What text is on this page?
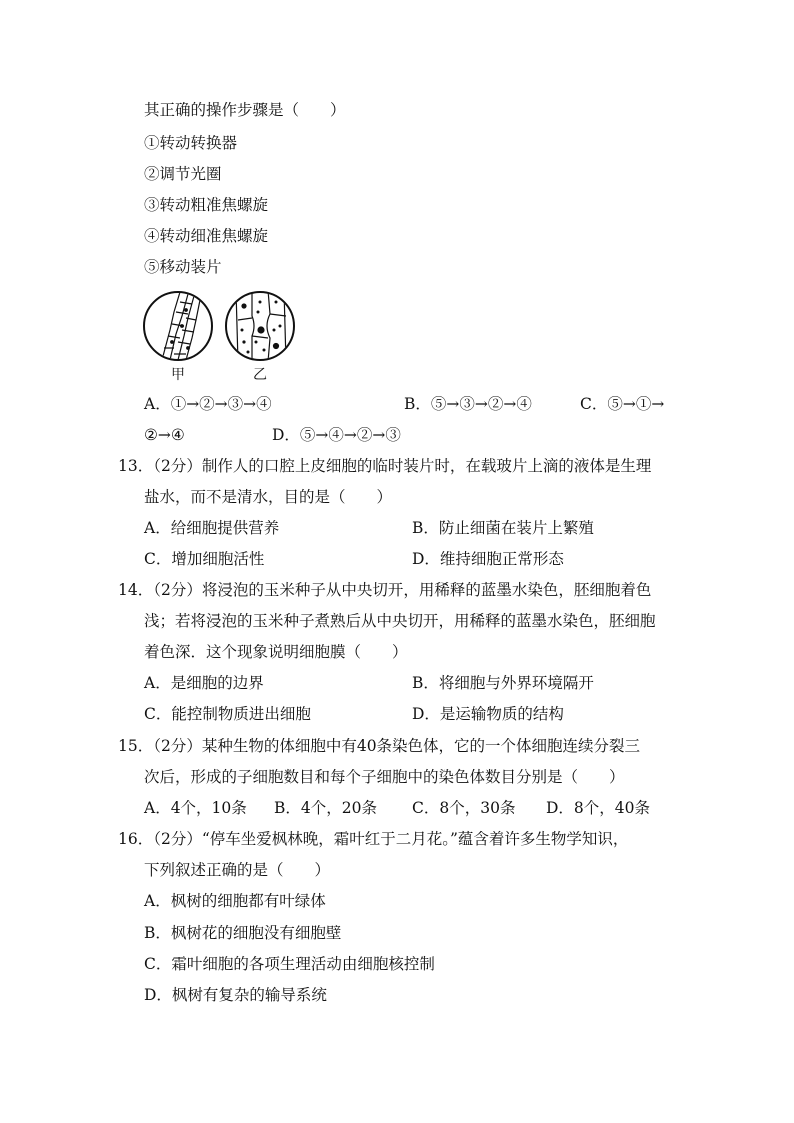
其正确的操作步骤是（　　）
①转动转换器
②调节光圈
③转动粗准焦螺旋
④转动细准焦螺旋
⑤移动装片
甲	乙
A．①→②→③→④	B．⑤→③→②→④	C．⑤→①→
②→④	D．⑤→④→②→③
13．（2分）制作人的口腔上皮细胞的临时装片时，在载玻片上滴的液体是生理
盐水，而不是清水，目的是（　　）
A．给细胞提供营养	B．防止细菌在装片上繁殖
C．增加细胞活性	D．维持细胞正常形态
14．（2分）将浸泡的玉米种子从中央切开，用稀释的蓝墨水染色，胚细胞着色
浅；若将浸泡的玉米种子煮熟后从中央切开，用稀释的蓝墨水染色，胚细胞
着色深．这个现象说明细胞膜（　　）
A．是细胞的边界	B．将细胞与外界环境隔开
C．能控制物质进出细胞	D．是运输物质的结构
15．（2分）某种生物的体细胞中有40条染色体，它的一个体细胞连续分裂三
次后，形成的子细胞数目和每个子细胞中的染色体数目分别是（　　）
A．4个，10条 B．4个，20条 C．8个，30条 D．8个，40条
16．（2分）“停车坐爱枫林晚，霜叶红于二月花。”蕴含着许多生物学知识，
下列叙述正确的是（　　）
A．枫树的细胞都有叶绿体
B．枫树花的细胞没有细胞壁
C．霜叶细胞的各项生理活动由细胞核控制
D．枫树有复杂的输导系统
